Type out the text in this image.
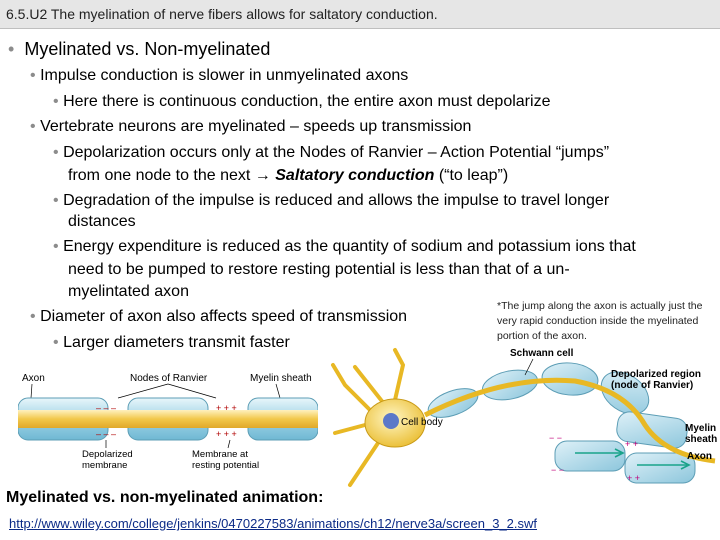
6.5.U2 The myelination of nerve fibers allows for saltatory conduction.
• Myelinated vs. Non-myelinated
• Impulse conduction is slower in unmyelinated axons
• Here there is continuous conduction, the entire axon must depolarize
• Vertebrate neurons are myelinated – speeds up transmission
• Depolarization occurs only at the Nodes of Ranvier – Action Potential “jumps”
from one node to the next → Saltatory conduction (“to leap”)
• Degradation of the impulse is reduced and allows the impulse to travel longer
distances
• Energy expenditure is reduced as the quantity of sodium and potassium ions that
need to be pumped to restore resting potential is less than that of a un-
myelintated axon
• Diameter of axon also affects speed of transmission
• Larger diameters transmit faster
*The jump along the axon is actually just the very rapid conduction inside the myelinated portion of the axon.
Axon	Nodes of Ranvier	Myelin sheath
– – –
– – –
+ + +
+ + +
Depolarized
membrane
Membrane at
resting potential
Cell body
+ +
+ +
− −
− −
Schwann cell
Depolarized region
(node of Ranvier)
Myelin
sheath
Axon
Myelinated vs. non-myelinated animation:
http://www.wiley.com/college/jenkins/0470227583/animations/ch12/nerve3a/screen_3_2.swf
